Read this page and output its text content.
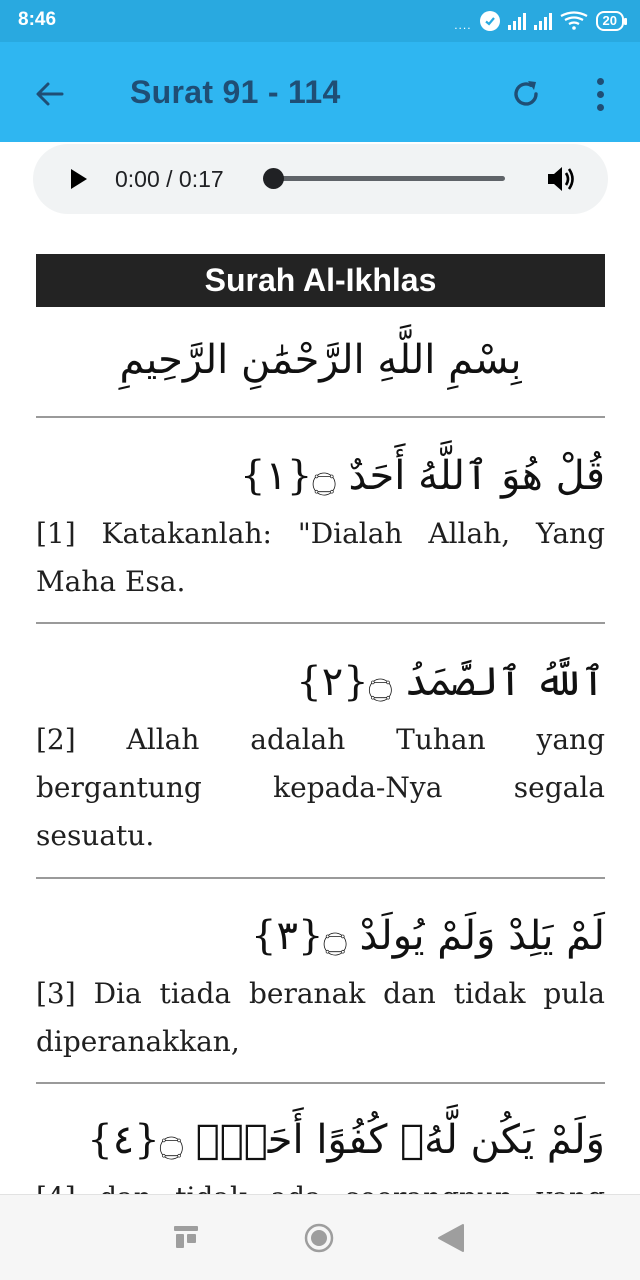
8:46	....	20
Surat 91 - 114
0:00 / 0:17
Surah Al-Ikhlas
بِسْمِ اللَّهِ الرَّحْمَٰنِ الرَّحِيمِ
قُلْ هُوَ ٱللَّهُ أَحَدٌ ۝{١}
[1] Katakanlah: "Dialah Allah, Yang Maha Esa.
ٱللَّهُ ٱلصَّمَدُ ۝{٢}
[2] Allah adalah Tuhan yang bergantung kepada-Nya segala sesuatu.
لَمْ يَلِدْ وَلَمْ يُولَدْ ۝{٣}
[3] Dia tiada beranak dan tidak pula diperanakkan,
وَلَمْ يَكُن لَّهُۥ كُفُوًا أَحَدٌۢ ۝{٤}
